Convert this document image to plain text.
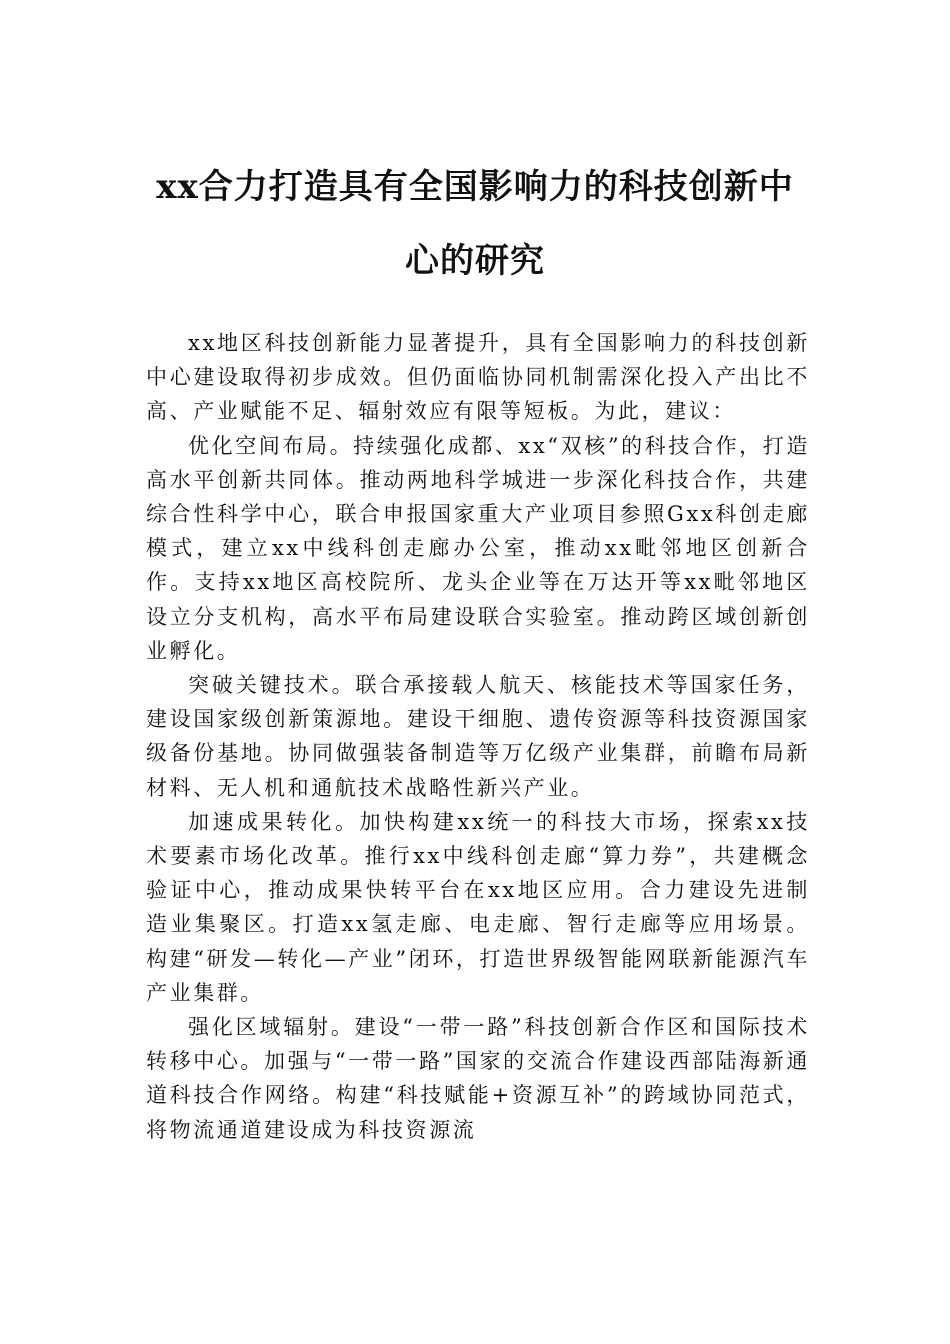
xx合力打造具有全国影响力的科技创新中心的研究

xx地区科技创新能力显著提升，具有全国影响力的科技创新中心建设取得初步成效。但仍面临协同机制需深化投入产出比不高、产业赋能不足、辐射效应有限等短板。为此，建议：

优化空间布局。持续强化成都、xx“双核”的科技合作，打造高水平创新共同体。推动两地科学城进一步深化科技合作，共建综合性科学中心，联合申报国家重大产业项目参照Gxx科创走廊模式，建立xx中线科创走廊办公室，推动xx毗邻地区创新合作。支持xx地区高校院所、龙头企业等在万达开等xx毗邻地区设立分支机构，高水平布局建设联合实验室。推动跨区域创新创业孵化。

突破关键技术。联合承接载人航天、核能技术等国家任务，建设国家级创新策源地。建设干细胞、遗传资源等科技资源国家级备份基地。协同做强装备制造等万亿级产业集群，前瞻布局新材料、无人机和通航技术战略性新兴产业。

加速成果转化。加快构建xx统一的科技大市场，探索xx技术要素市场化改革。推行xx中线科创走廊“算力券”，共建概念验证中心，推动成果快转平台在xx地区应用。合力建设先进制造业集聚区。打造xx氢走廊、电走廊、智行走廊等应用场景。构建“研发—转化—产业”闭环，打造世界级智能网联新能源汽车产业集群。

强化区域辐射。建设“一带一路”科技创新合作区和国际技术转移中心。加强与“一带一路”国家的交流合作建设西部陆海新通道科技合作网络。构建“科技赋能+资源互补”的跨域协同范式，将物流通道建设成为科技资源流
